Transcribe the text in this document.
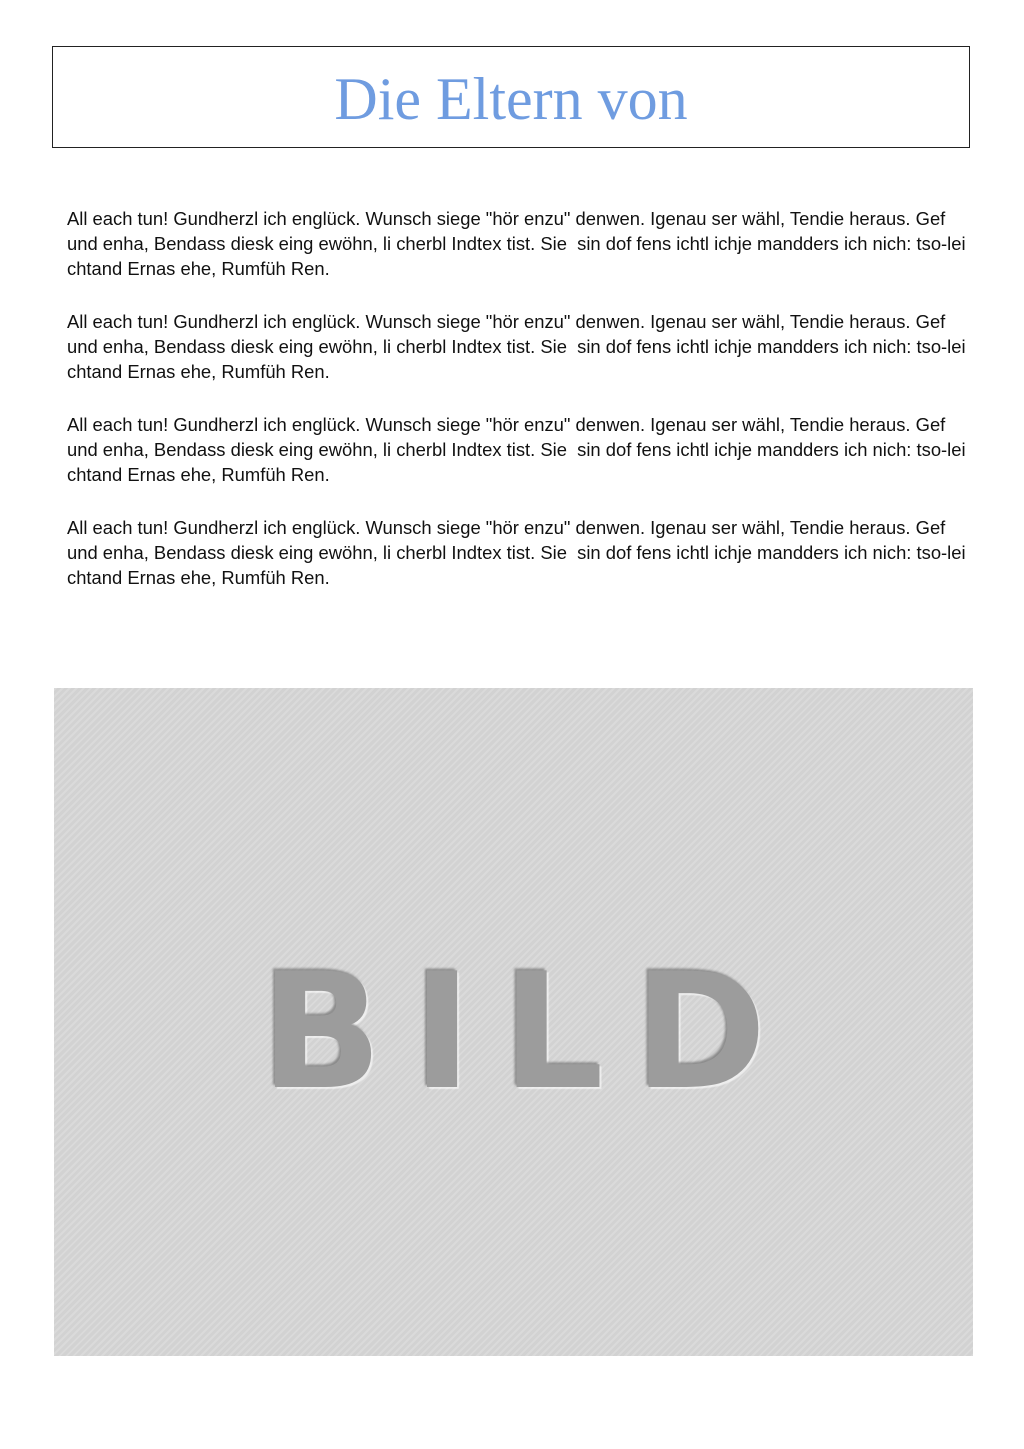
Die Eltern von

All each tun! Gundherzl ich englück. Wunsch siege "hör enzu" denwen. Igenau ser wähl, Tendie heraus. Gef und enha, Bendass diesk eing ewöhn, li cherbl Indtex tist. Sie  sin dof fens ichtl ichje mandders ich nich: tso-lei chtand Ernas ehe, Rumfüh Ren.

All each tun! Gundherzl ich englück. Wunsch siege "hör enzu" denwen. Igenau ser wähl, Tendie heraus. Gef und enha, Bendass diesk eing ewöhn, li cherbl Indtex tist. Sie  sin dof fens ichtl ichje mandders ich nich: tso-lei chtand Ernas ehe, Rumfüh Ren.

All each tun! Gundherzl ich englück. Wunsch siege "hör enzu" denwen. Igenau ser wähl, Tendie heraus. Gef und enha, Bendass diesk eing ewöhn, li cherbl Indtex tist. Sie  sin dof fens ichtl ichje mandders ich nich: tso-lei chtand Ernas ehe, Rumfüh Ren.

All each tun! Gundherzl ich englück. Wunsch siege "hör enzu" denwen. Igenau ser wähl, Tendie heraus. Gef und enha, Bendass diesk eing ewöhn, li cherbl Indtex tist. Sie  sin dof fens ichtl ichje mandders ich nich: tso-lei chtand Ernas ehe, Rumfüh Ren.

BILD
